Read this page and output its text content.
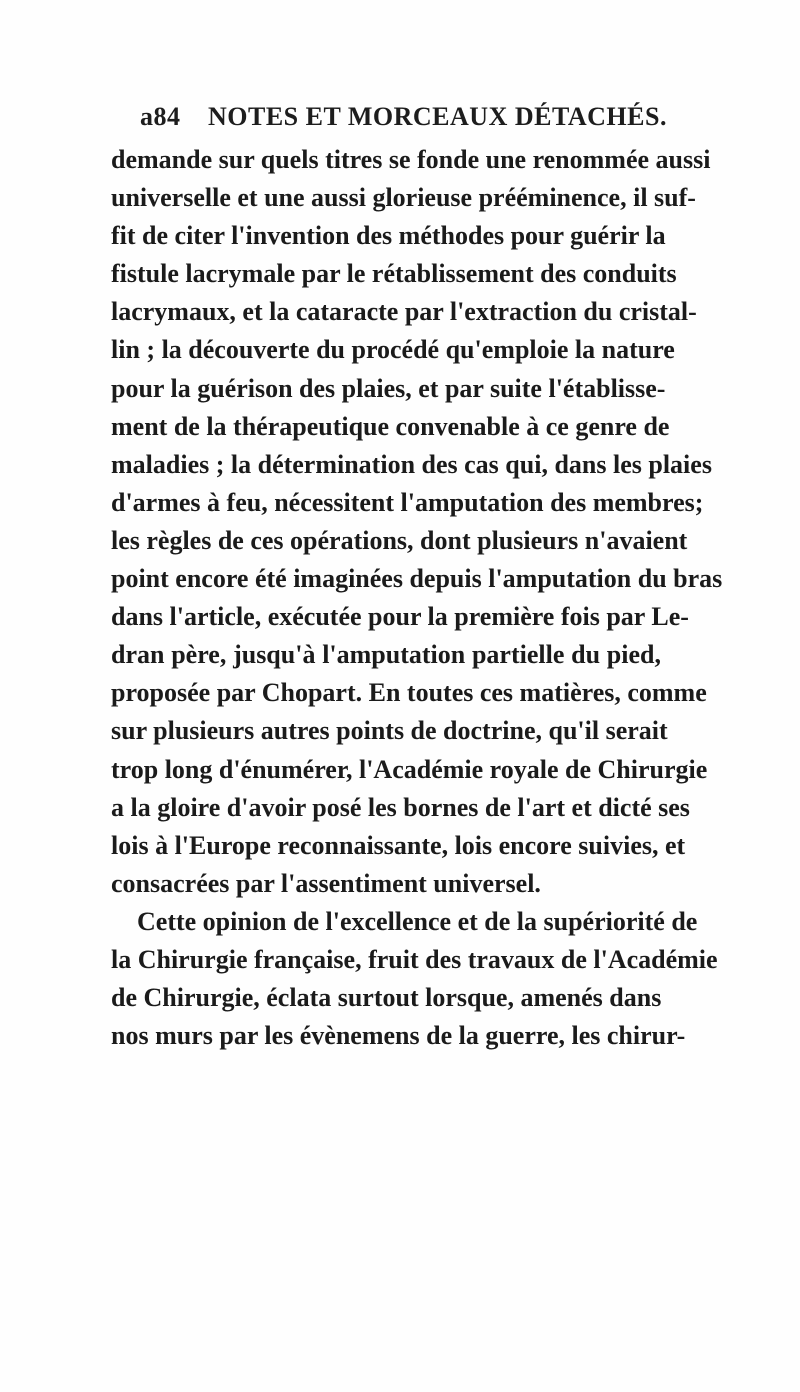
a84 NOTES ET MORCEAUX DÉTACHÉS.
demande sur quels titres se fonde une renommée aussi
universelle et une aussi glorieuse prééminence, il suf-
fit de citer l'invention des méthodes pour guérir la
fistule lacrymale par le rétablissement des conduits
lacrymaux, et la cataracte par l'extraction du cristal-
lin ; la découverte du procédé qu'emploie la nature
pour la guérison des plaies, et par suite l'établisse-
ment de la thérapeutique convenable à ce genre de
maladies ; la détermination des cas qui, dans les plaies
d'armes à feu, nécessitent l'amputation des membres;
les règles de ces opérations, dont plusieurs n'avaient
point encore été imaginées depuis l'amputation du bras
dans l'article, exécutée pour la première fois par Le-
dran père, jusqu'à l'amputation partielle du pied,
proposée par Chopart. En toutes ces matières, comme
sur plusieurs autres points de doctrine, qu'il serait
trop long d'énumérer, l'Académie royale de Chirurgie
a la gloire d'avoir posé les bornes de l'art et dicté ses
lois à l'Europe reconnaissante, lois encore suivies, et
consacrées par l'assentiment universel.
Cette opinion de l'excellence et de la supériorité de
la Chirurgie française, fruit des travaux de l'Académie
de Chirurgie, éclata surtout lorsque, amenés dans
nos murs par les évènemens de la guerre, les chirur-
